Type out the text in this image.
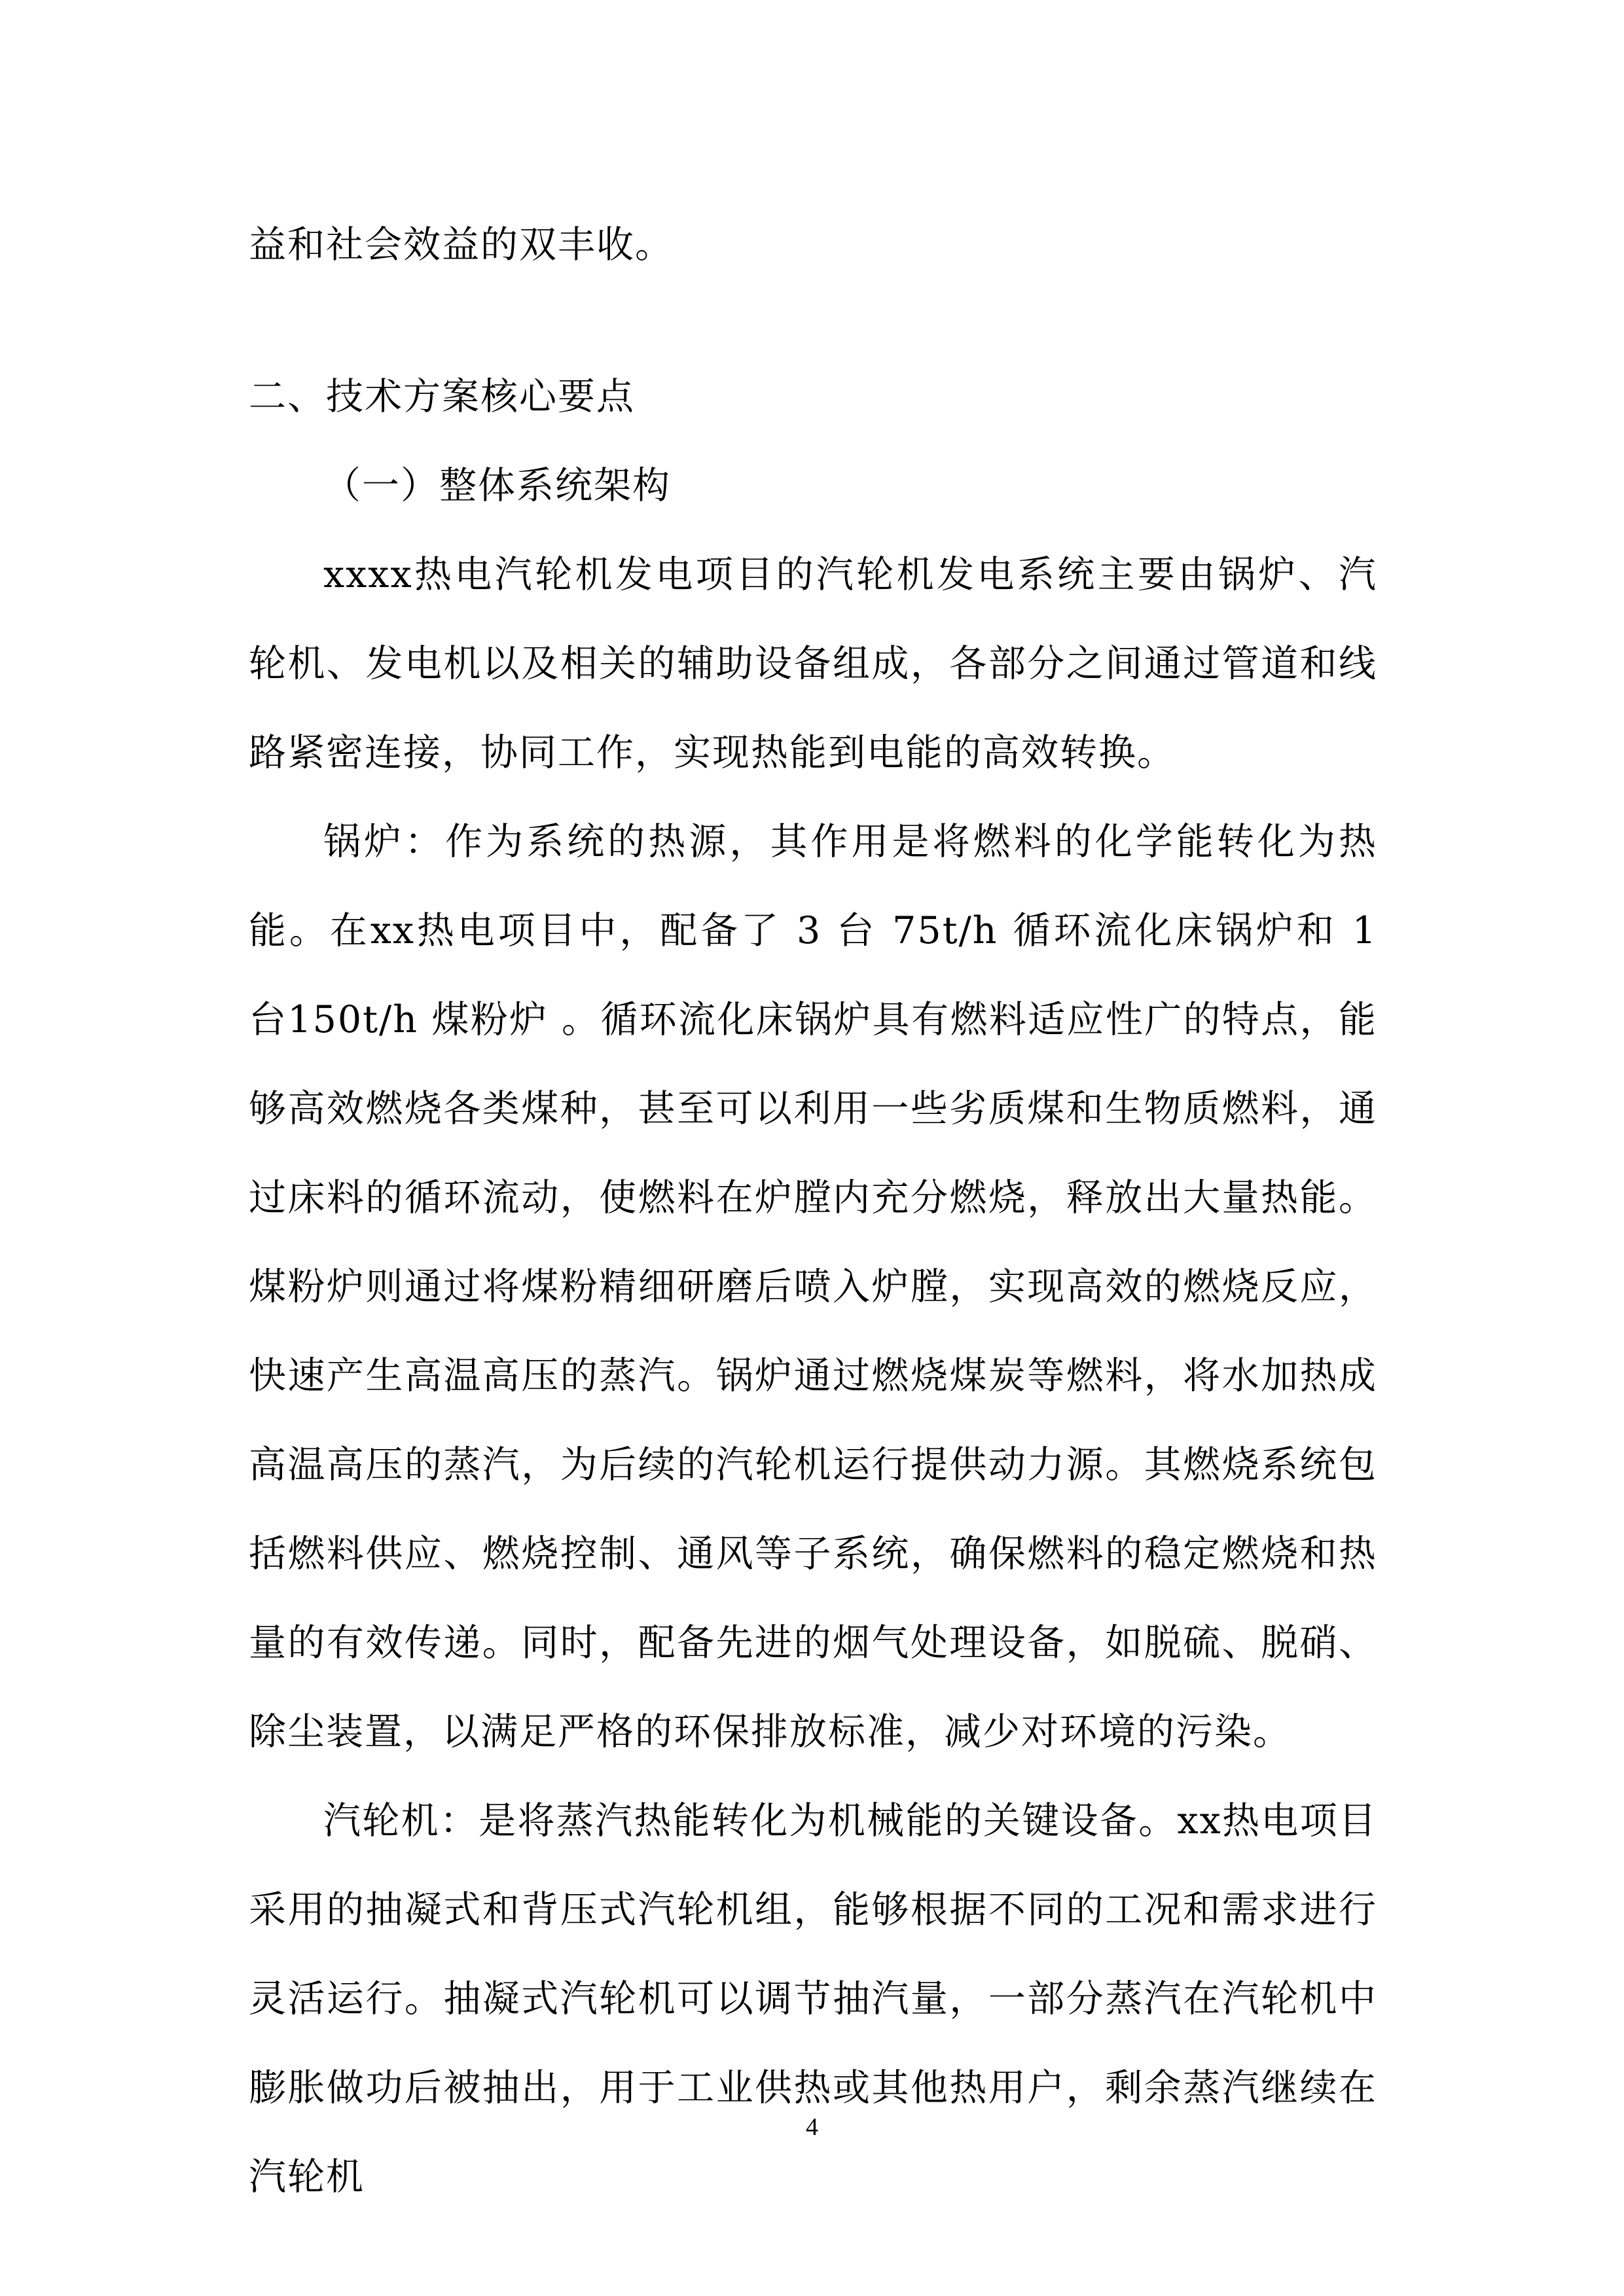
益和社会效益的双丰收。

二、技术方案核心要点

（一）整体系统架构

xxxx热电汽轮机发电项目的汽轮机发电系统主要由锅炉、汽轮机、发电机以及相关的辅助设备组成，各部分之间通过管道和线路紧密连接，协同工作，实现热能到电能的高效转换。

锅炉：作为系统的热源，其作用是将燃料的化学能转化为热能。在xx热电项目中，配备了 3 台 75t/h 循环流化床锅炉和 1 台150t/h 煤粉炉 。循环流化床锅炉具有燃料适应性广的特点，能够高效燃烧各类煤种，甚至可以利用一些劣质煤和生物质燃料，通过床料的循环流动，使燃料在炉膛内充分燃烧，释放出大量热能。煤粉炉则通过将煤粉精细研磨后喷入炉膛，实现高效的燃烧反应，快速产生高温高压的蒸汽。锅炉通过燃烧煤炭等燃料，将水加热成高温高压的蒸汽，为后续的汽轮机运行提供动力源。其燃烧系统包括燃料供应、燃烧控制、通风等子系统，确保燃料的稳定燃烧和热量的有效传递。同时，配备先进的烟气处理设备，如脱硫、脱硝、除尘装置，以满足严格的环保排放标准，减少对环境的污染。

汽轮机：是将蒸汽热能转化为机械能的关键设备。xx热电项目采用的抽凝式和背压式汽轮机组，能够根据不同的工况和需求进行灵活运行。抽凝式汽轮机可以调节抽汽量，一部分蒸汽在汽轮机中膨胀做功后被抽出，用于工业供热或其他热用户，剩余蒸汽继续在汽轮机

4
